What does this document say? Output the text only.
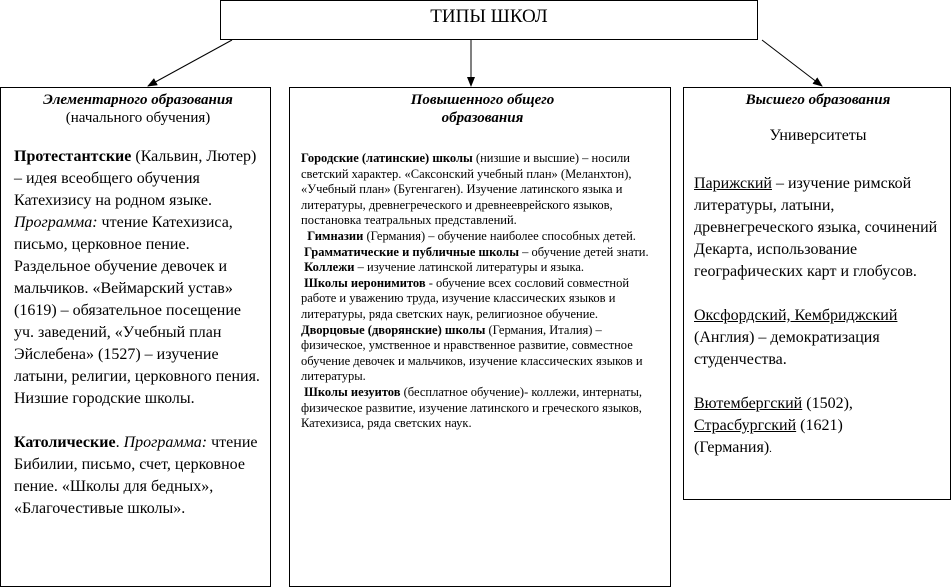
ТИПЫ ШКОЛ
Элементарного образования
(начального обучения)

Протестантские (Кальвин, Лютер) – идея всеобщего обучения Катехизису на родном языке. Программа: чтение Катехизиса, письмо, церковное пение. Раздельное обучение девочек и мальчиков. «Веймарский устав» (1619) – обязательное посещение уч. заведений, «Учебный план Эйслебена» (1527) – изучение латыни, религии, церковного пения. Низшие городские школы.

Католические. Программа: чтение Бибилии, письмо, счет, церковное пение. «Школы для бедных», «Благочестивые школы».

Повышенного общего
образования

Городские (латинские) школы (низшие и высшие) – носили светский характер. «Саксонский учебный план» (Меланхтон), «Учебный план» (Бугенгаген). Изучение латинского языка и литературы, древнегреческого и древнееврейского языков, постановка театральных представлений.

Гимназии (Германия) – обучение наиболее способных детей.

Грамматические и публичные школы – обучение детей знати.

Коллежи – изучение латинской литературы и языка.

Школы иеронимитов - обучение всех сословий совместной работе и уважению труда, изучение классических языков и литературы, ряда светских наук, религиозное обучение. Дворцовые (дворянские) школы (Германия, Италия) – физическое, умственное и нравственное развитие, совместное обучение девочек и мальчиков, изучение классических языков и литературы.

Школы иезуитов (бесплатное обучение)- коллежи, интернаты, физическое развитие, изучение латинского и греческого языков, Катехизиса, ряда светских наук.

Высшего образования

Университеты

Парижский – изучение римской литературы, латыни, древнегреческого языка, сочинений Декарта, использование географических карт и глобусов.

Оксфордский, Кембриджский (Англия) – демократизация студенчества.

Вютембергский (1502),
Страсбургский (1621)
(Германия).
